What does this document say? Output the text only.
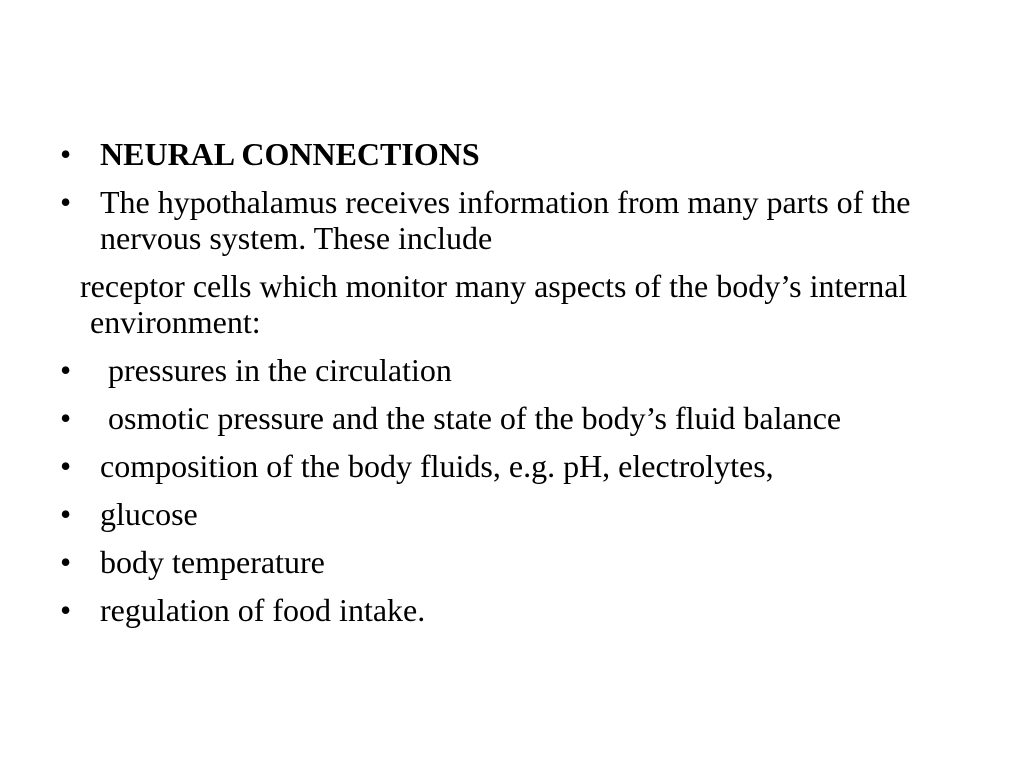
• NEURAL CONNECTIONS
• The hypothalamus receives information from many parts of the nervous system. These include
receptor cells which monitor many aspects of the body’s internal environment:
• pressures in the circulation
• osmotic pressure and the state of the body’s fluid balance
• composition of the body fluids, e.g. pH, electrolytes,
• glucose
• body temperature
• regulation of food intake.
